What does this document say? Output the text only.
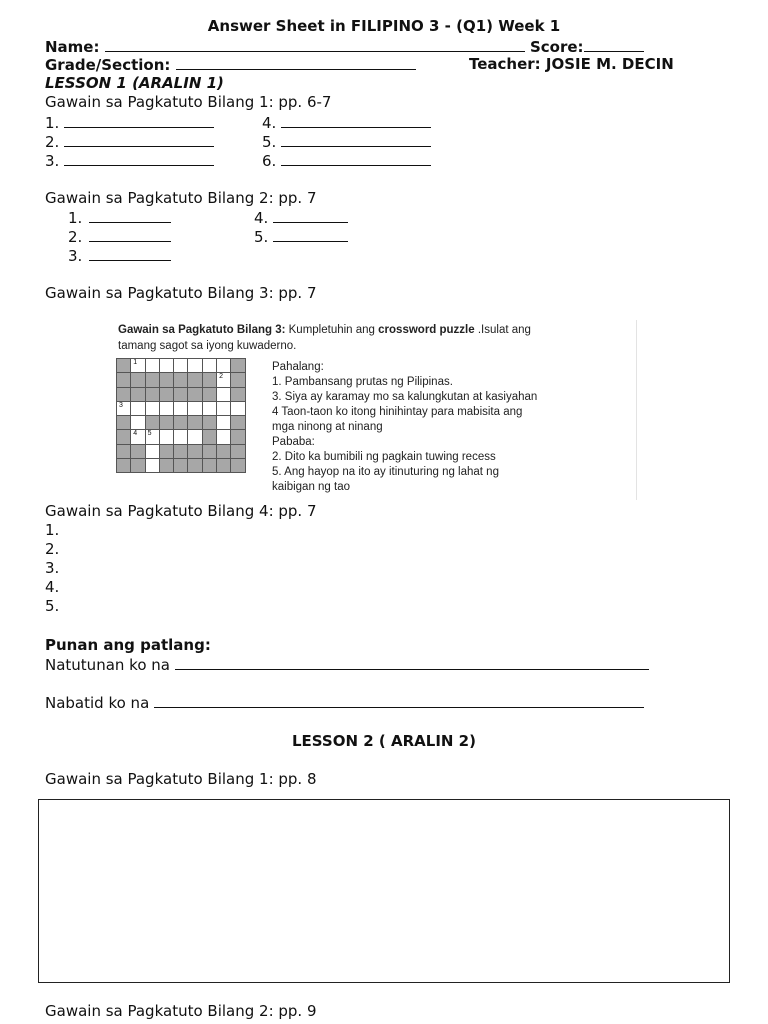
Answer Sheet in FILIPINO 3 - (Q1) Week 1
Name:	Score:
Grade/Section:	Teacher: JOSIE M. DECIN
LESSON 1 (ARALIN 1)
Gawain sa Pagkatuto Bilang 1: pp. 6-7
1.
2.
3.
4.
5.
6.
Gawain sa Pagkatuto Bilang 2: pp. 7
1.
2.
3.
4.
5.
Gawain sa Pagkatuto Bilang 3: pp. 7
Gawain sa Pagkatuto Bilang 3: Kumpletuhin ang crossword puzzle .Isulat ang
tamang sagot sa iyong kuwaderno.

	1							

							2	

3								

	4	5						

Pahalang:
1. Pambansang prutas ng Pilipinas.
3. Siya ay karamay mo sa kalungkutan at kasiyahan
4 Taon-taon ko itong hinihintay para mabisita ang
mga ninong at ninang
Pababa:
2. Dito ka bumibili ng pagkain tuwing recess
5. Ang hayop na ito ay itinuturing ng lahat ng
kaibigan ng tao
Gawain sa Pagkatuto Bilang 4: pp. 7
1.
2.
3.
4.
5.
Punan ang patlang:
Natutunan ko na
Nabatid ko na
LESSON 2 ( ARALIN 2)
Gawain sa Pagkatuto Bilang 1: pp. 8
Gawain sa Pagkatuto Bilang 2: pp. 9
